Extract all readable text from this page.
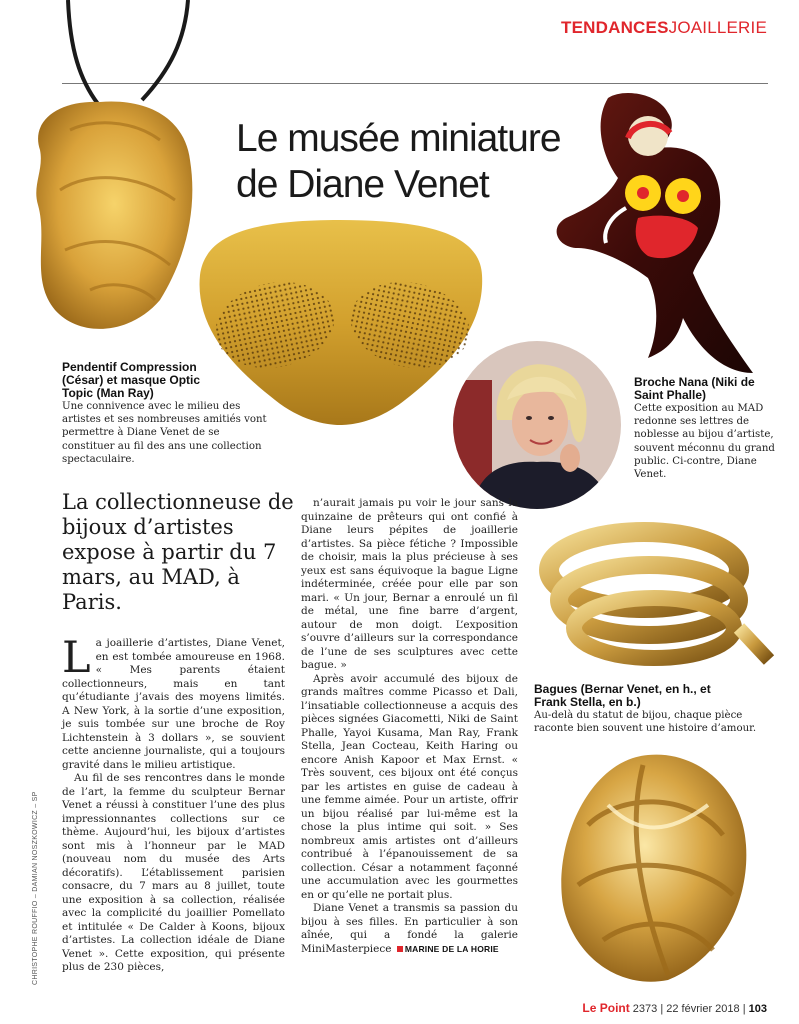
TENDANCESJOAILLERIE
Le musée miniature
de Diane Venet
Pendentif Compression (César) et masque Optic Topic (Man Ray)
Une connivence avec le milieu des artistes et ses nombreuses amitiés vont permettre à Diane Venet de se constituer au fil des ans une collection spectaculaire.
Broche Nana (Niki de Saint Phalle)
Cette exposition au MAD redonne ses lettres de noblesse au bijou d’artiste, souvent méconnu du grand public. Ci-contre, Diane Venet.
La collectionneuse de bijoux d’artistes expose à partir du 7 mars, au MAD, à Paris.

La joaillerie d’artistes, Diane Venet, en est tombée amoureuse en 1968. « Mes parents étaient collectionneurs, mais en tant qu’étudiante j’avais des moyens limités. A New York, à la sortie d’une exposition, je suis tombée sur une broche de Roy Lichtenstein à 3 dollars », se souvient cette ancienne journaliste, qui a toujours gravité dans le milieu artistique.

Au fil de ses rencontres dans le monde de l’art, la femme du sculpteur Bernar Venet a réussi à constituer l’une des plus impressionnantes collections sur ce thème. Aujourd’hui, les bijoux d’artistes sont mis à l’honneur par le MAD (nouveau nom du musée des Arts décoratifs). L’établissement parisien consacre, du 7 mars au 8 juillet, toute une exposition à sa collection, réalisée avec la complicité du joaillier Pomellato et intitulée « De Calder à Koons, bijoux d’artistes. La collection idéale de Diane Venet ». Cette exposition, qui présente plus de 230 pièces,

CHRISTOPHE ROUFFIO – DAMIAN NOSZKOWICZ – SP

n’aurait jamais pu voir le jour sans la quinzaine de prêteurs qui ont confié à Diane leurs pépites de joaillerie d’artistes. Sa pièce fétiche ? Impossible de choisir, mais la plus précieuse à ses yeux est sans équivoque la bague Ligne indéterminée, créée pour elle par son mari. « Un jour, Bernar a enroulé un fil de métal, une fine barre d’argent, autour de mon doigt. L’exposition s’ouvre d’ailleurs sur la correspondance de l’une de ses sculptures avec cette bague. »

Après avoir accumulé des bijoux de grands maîtres comme Picasso et Dali, l’insatiable collectionneuse a acquis des pièces signées Giacometti, Niki de Saint Phalle, Yayoi Kusama, Man Ray, Frank Stella, Jean Cocteau, Keith Haring ou encore Anish Kapoor et Max Ernst. « Très souvent, ces bijoux ont été conçus par les artistes en guise de cadeau à une femme aimée. Pour un artiste, offrir un bijou réalisé par lui-même est la chose la plus intime qui soit. » Ses nombreux amis artistes ont d’ailleurs contribué à l’épanouissement de sa collection. César a notamment façonné une accumulation avec les gourmettes en or qu’elle ne portait plus.

Diane Venet a transmis sa passion du bijou à ses filles. En particulier à son aînée, qui a fondé la galerie MiniMasterpiece MARINE DE LA HORIE

Bagues (Bernar Venet, en h., et Frank Stella, en b.)
Au-delà du statut de bijou, chaque pièce raconte bien souvent une histoire d’amour.
Le Point 2373 | 22 février 2018 | 103
